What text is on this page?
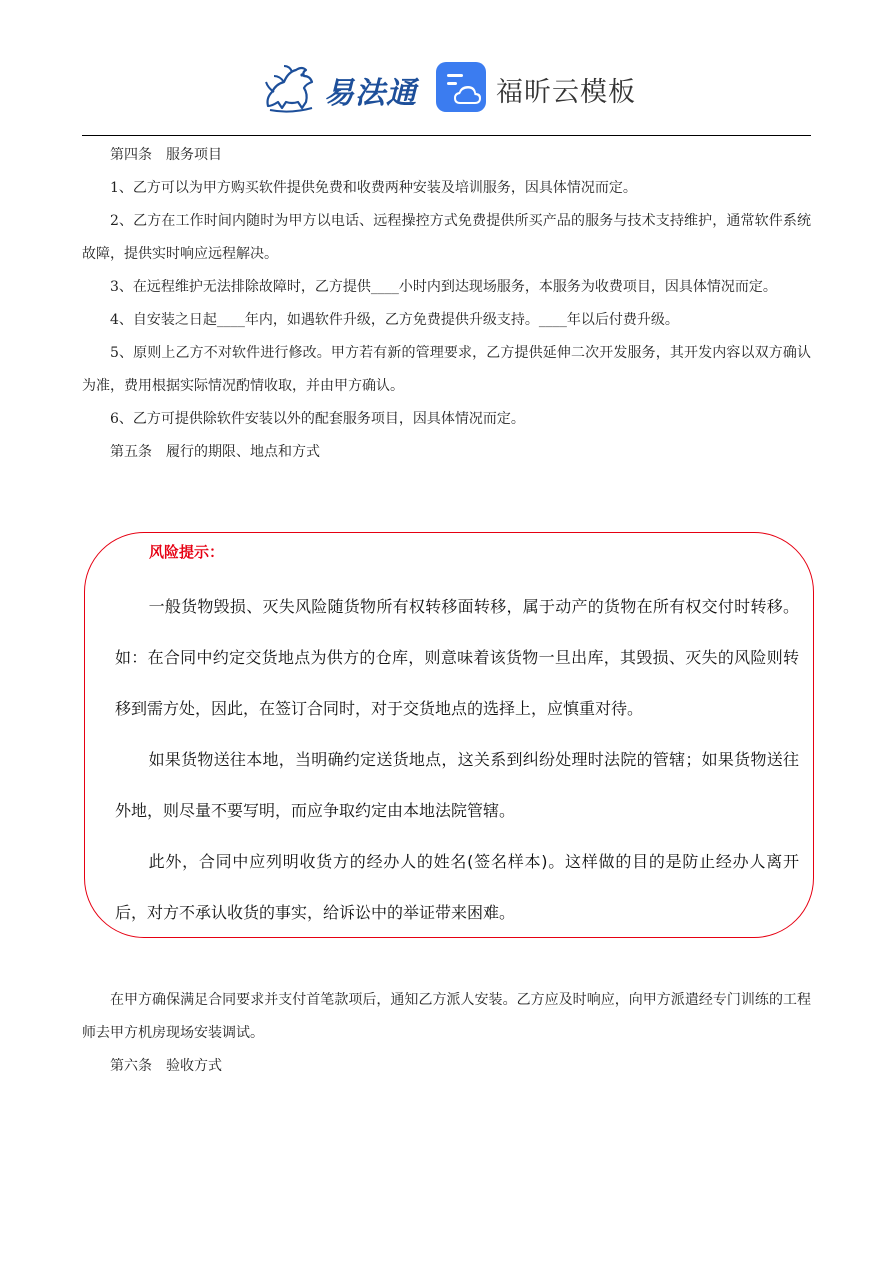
易法通	福昕云模板

第四条　服务项目

1、乙方可以为甲方购买软件提供免费和收费两种安装及培训服务，因具体情况而定。

2、乙方在工作时间内随时为甲方以电话、远程操控方式免费提供所买产品的服务与技术支持维护，通常软件系统故障，提供实时响应远程解决。

3、在远程维护无法排除故障时，乙方提供____小时内到达现场服务，本服务为收费项目，因具体情况而定。

4、自安装之日起____年内，如遇软件升级，乙方免费提供升级支持。____年以后付费升级。

5、原则上乙方不对软件进行修改。甲方若有新的管理要求，乙方提供延伸二次开发服务，其开发内容以双方确认为准，费用根据实际情况酌情收取，并由甲方确认。

6、乙方可提供除软件安装以外的配套服务项目，因具体情况而定。

第五条　履行的期限、地点和方式

风险提示：

一般货物毁损、灭失风险随货物所有权转移面转移，属于动产的货物在所有权交付时转移。如：在合同中约定交货地点为供方的仓库，则意味着该货物一旦出库，其毁损、灭失的风险则转移到需方处，因此，在签订合同时，对于交货地点的选择上，应慎重对待。

如果货物送往本地，当明确约定送货地点，这关系到纠纷处理时法院的管辖；如果货物送往外地，则尽量不要写明，而应争取约定由本地法院管辖。

此外，合同中应列明收货方的经办人的姓名(签名样本)。这样做的目的是防止经办人离开后，对方不承认收货的事实，给诉讼中的举证带来困难。

在甲方确保满足合同要求并支付首笔款项后，通知乙方派人安装。乙方应及时响应，向甲方派遣经专门训练的工程师去甲方机房现场安装调试。

第六条　验收方式
